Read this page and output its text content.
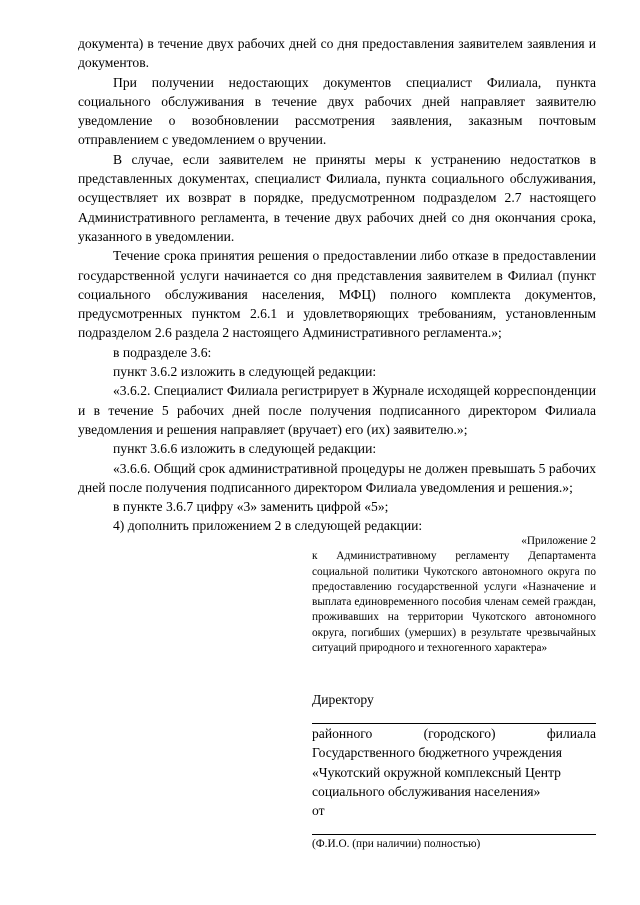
документа) в течение двух рабочих дней со дня предоставления заявителем заявления и документов.

При получении недостающих документов специалист Филиала, пункта социального обслуживания в течение двух рабочих дней направляет заявителю уведомление о возобновлении рассмотрения заявления, заказным почтовым отправлением с уведомлением о вручении.

В случае, если заявителем не приняты меры к устранению недостатков в представленных документах, специалист Филиала, пункта социального обслуживания, осуществляет их возврат в порядке, предусмотренном подразделом 2.7 настоящего Административного регламента, в течение двух рабочих дней со дня окончания срока, указанного в уведомлении.

Течение срока принятия решения о предоставлении либо отказе в предоставлении государственной услуги начинается со дня представления заявителем в Филиал (пункт социального обслуживания населения, МФЦ) полного комплекта документов, предусмотренных пунктом 2.6.1 и удовлетворяющих требованиям, установленным подразделом 2.6 раздела 2 настоящего Административного регламента.»;

в подразделе 3.6:

пункт 3.6.2 изложить в следующей редакции:

«3.6.2. Специалист Филиала регистрирует в Журнале исходящей корреспонденции и в течение 5 рабочих дней после получения подписанного директором Филиала уведомления и решения направляет (вручает) его (их) заявителю.»;

пункт 3.6.6 изложить в следующей редакции:

«3.6.6. Общий срок административной процедуры не должен превышать 5 рабочих дней после получения подписанного директором Филиала уведомления и решения.»;

в пункте 3.6.7 цифру «3» заменить цифрой «5»;

4) дополнить приложением 2 в следующей редакции:

«Приложение 2

к Административному регламенту Департамента социальной политики Чукотского автономного округа по предоставлению государственной услуги «Назначение и выплата единовременного пособия членам семей граждан, проживавших на территории Чукотского автономного округа, погибших (умерших) в результате чрезвычайных ситуаций природного и техногенного характера»

Директору

районного	(городского)	филиала

Государственного бюджетного учреждения

«Чукотский окружной комплексный Центр

социального обслуживания населения»

от

(Ф.И.О. (при наличии) полностью)
